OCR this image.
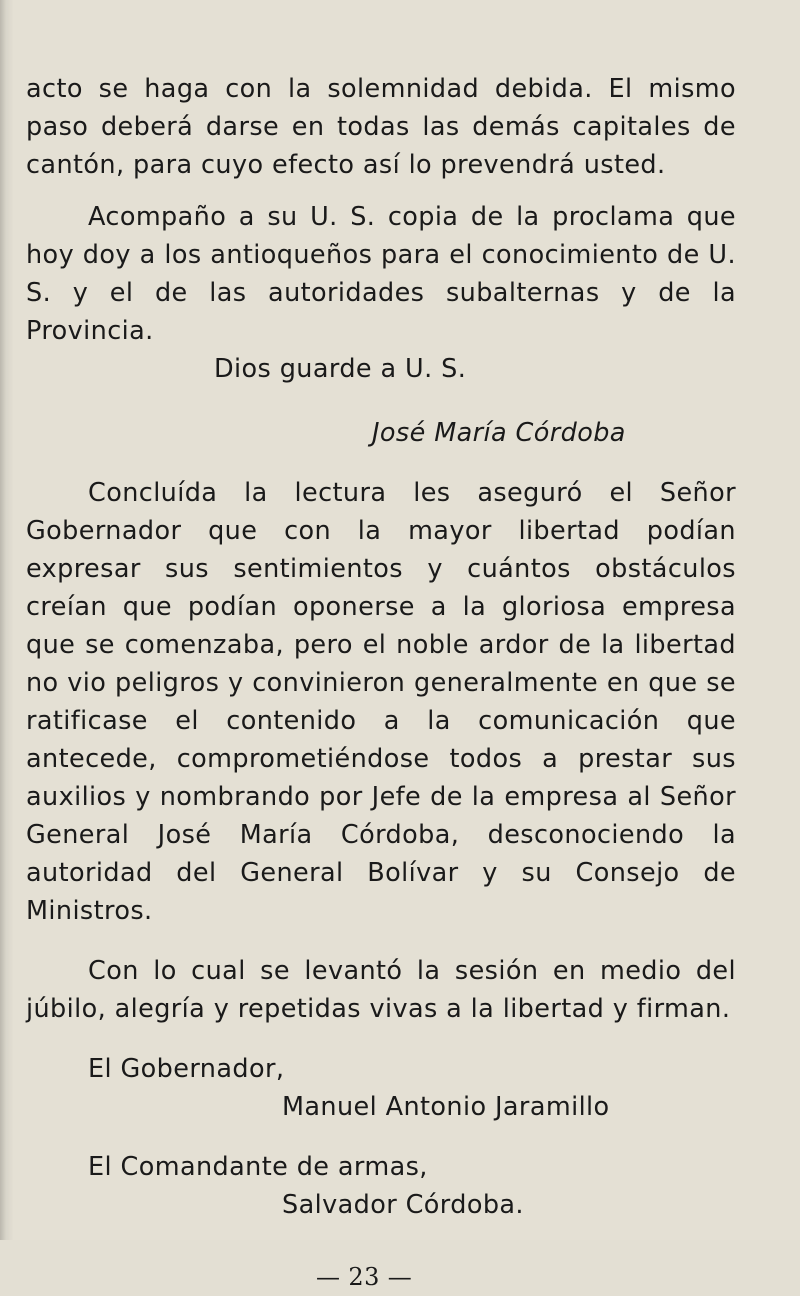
acto se haga con la solemnidad debida. El mismo paso deberá darse en todas las demás capitales de cantón, para cuyo efecto así lo prevendrá usted.

Acompaño a su U. S. copia de la proclama que hoy doy a los antioqueños para el conocimiento de U. S. y el de las autoridades subalternas y de la Provincia.

Dios guarde a U. S.

José María Córdoba

Concluída la lectura les aseguró el Señor Gobernador que con la mayor libertad podían expresar sus sentimientos y cuántos obstáculos creían que podían oponerse a la gloriosa empresa que se comenzaba, pero el noble ardor de la libertad no vio peligros y convinieron generalmente en que se ratificase el contenido a la comunicación que antecede, comprometiéndose todos a prestar sus auxilios y nombrando por Jefe de la empresa al Señor General José María Córdoba, desconociendo la autoridad del General Bolívar y su Consejo de Ministros.

Con lo cual se levantó la sesión en medio del júbilo, alegría y repetidas vivas a la libertad y firman.

El Gobernador,

Manuel Antonio Jaramillo

El Comandante de armas,

Salvador Córdoba.

— 23 —
